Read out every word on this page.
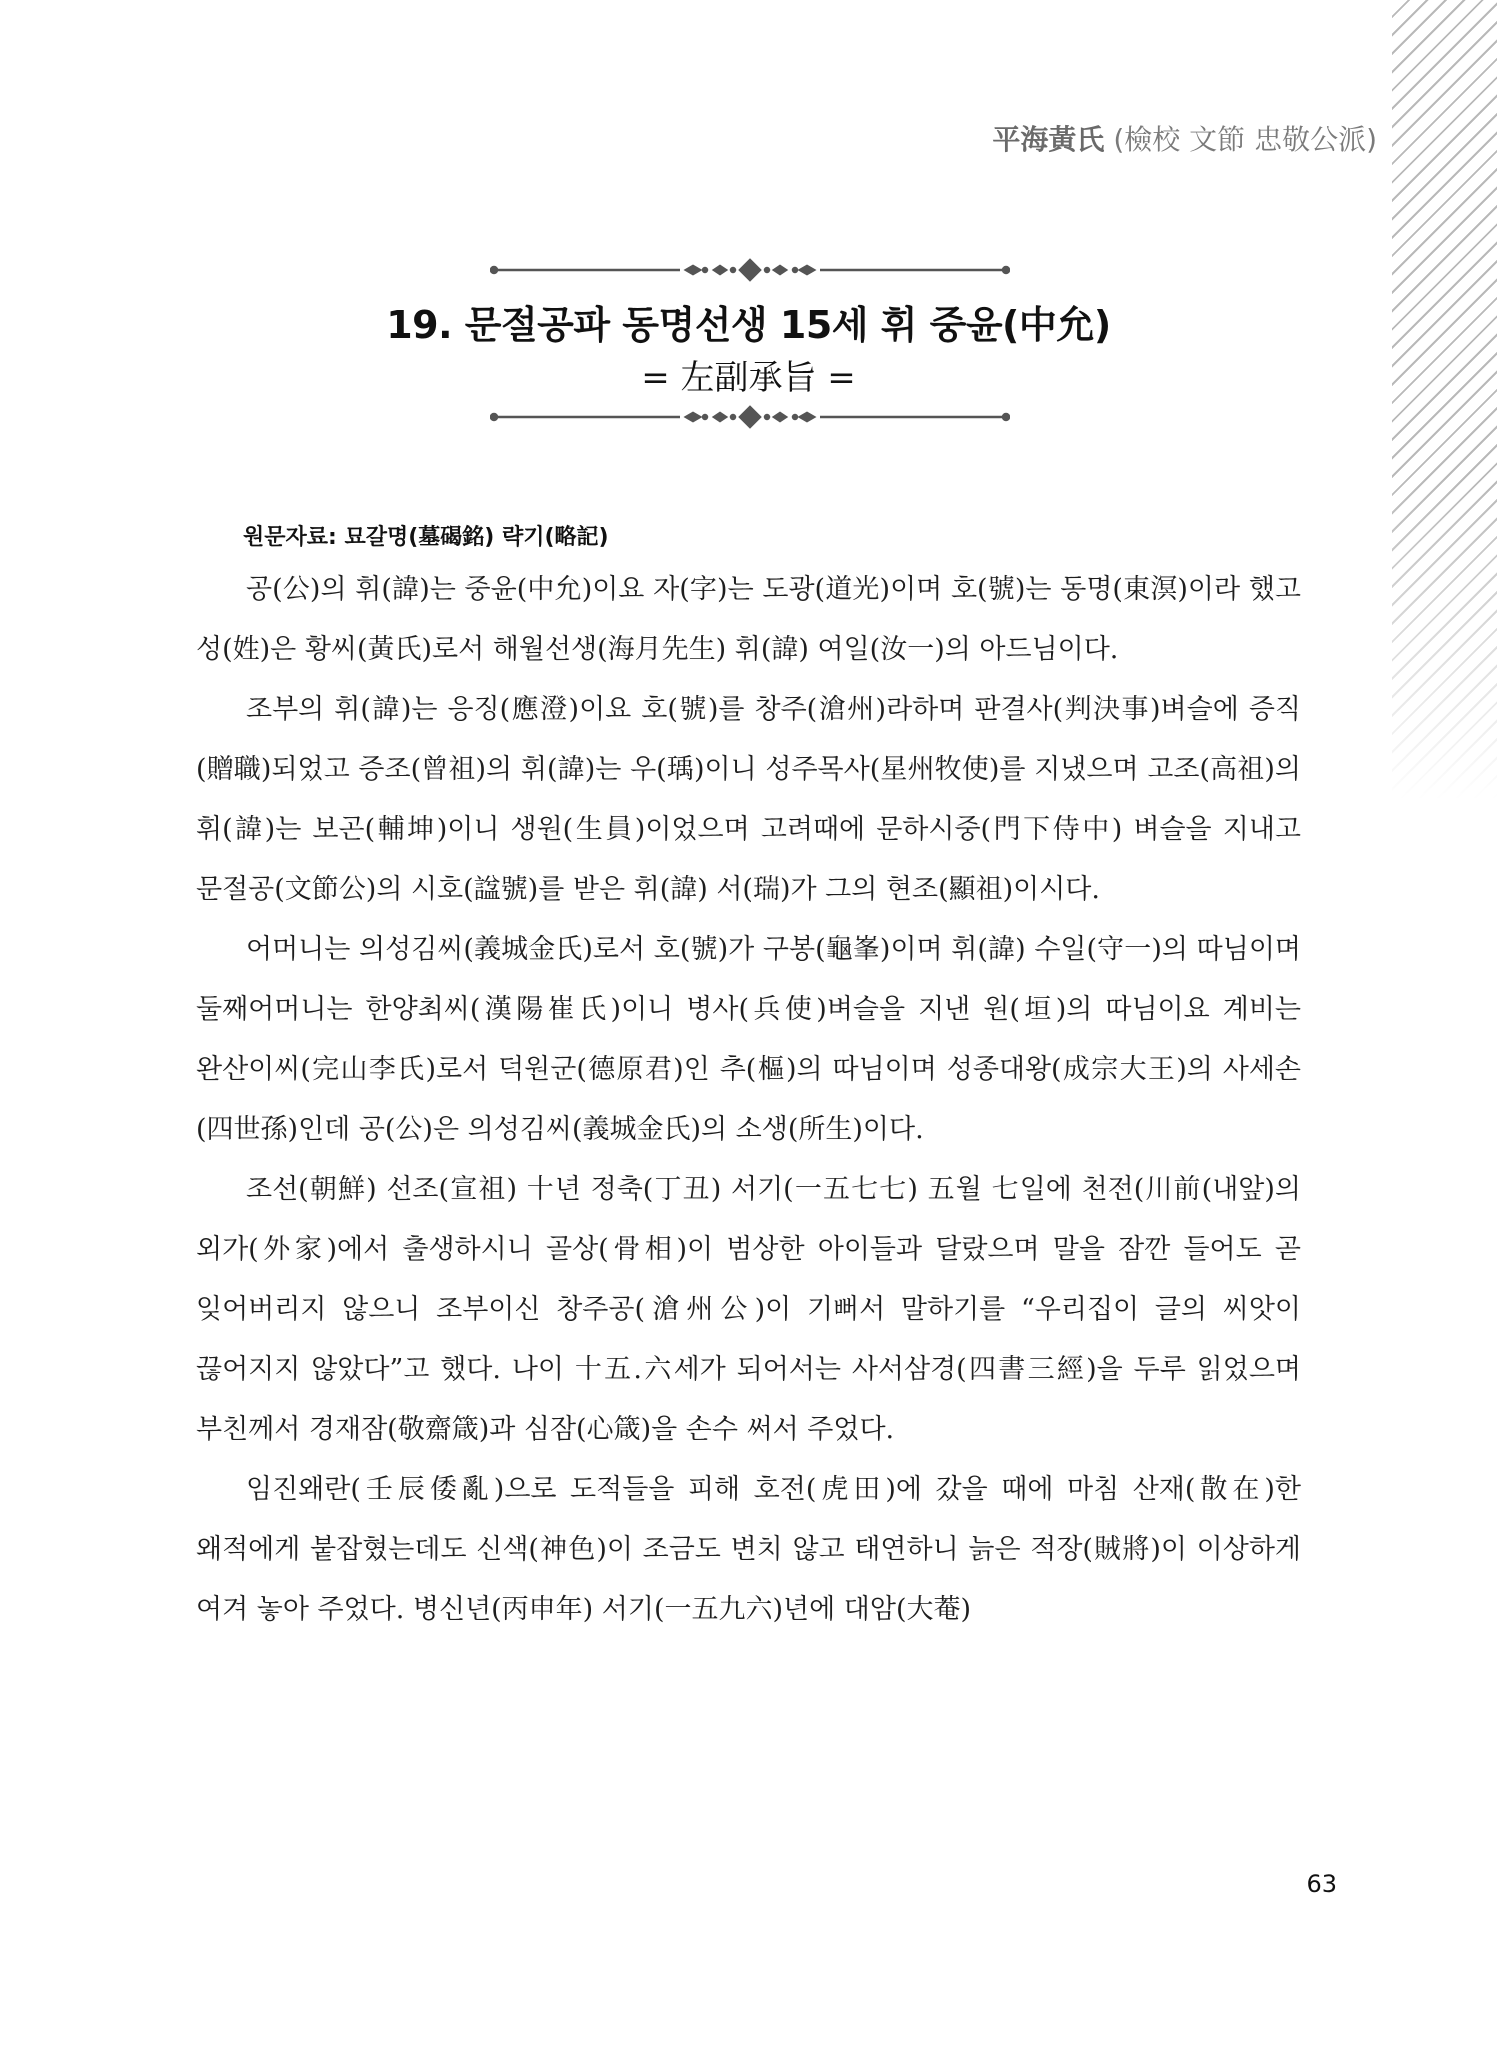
平海黃氏 (檢校 文節 忠敬公派)
19. 문절공파 동명선생 15세 휘 중윤(中允)
= 左副承旨 =
원문자료: 묘갈명(墓碣銘) 략기(略記)

공(公)의 휘(諱)는 중윤(中允)이요 자(字)는 도광(道光)이며 호(號)는 동명(東溟)이라 했고 성(姓)은 황씨(黃氏)로서 해월선생(海月先生) 휘(諱) 여일(汝一)의 아드님이다.

조부의 휘(諱)는 응징(應澄)이요 호(號)를 창주(滄州)라하며 판결사(判決事)벼슬에 증직(贈職)되었고 증조(曾祖)의 휘(諱)는 우(瑀)이니 성주목사(星州牧使)를 지냈으며 고조(高祖)의 휘(諱)는 보곤(輔坤)이니 생원(生員)이었으며 고려때에 문하시중(門下侍中) 벼슬을 지내고 문절공(文節公)의 시호(諡號)를 받은 휘(諱) 서(瑞)가 그의 현조(顯祖)이시다.

어머니는 의성김씨(義城金氏)로서 호(號)가 구봉(龜峯)이며 휘(諱) 수일(守一)의 따님이며 둘째어머니는 한양최씨(漢陽崔氏)이니 병사(兵使)벼슬을 지낸 원(垣)의 따님이요 계비는 완산이씨(完山李氏)로서 덕원군(德原君)인 추(樞)의 따님이며 성종대왕(成宗大王)의 사세손(四世孫)인데 공(公)은 의성김씨(義城金氏)의 소생(所生)이다.

조선(朝鮮) 선조(宣祖) 十년 정축(丁丑) 서기(一五七七) 五월 七일에 천전(川前(내앞)의 외가(外家)에서 출생하시니 골상(骨相)이 범상한 아이들과 달랐으며 말을 잠깐 들어도 곧 잊어버리지 않으니 조부이신 창주공(滄州公)이 기뻐서 말하기를 “우리집이 글의 씨앗이 끊어지지 않았다”고 했다. 나이 十五.六세가 되어서는 사서삼경(四書三經)을 두루 읽었으며 부친께서 경재잠(敬齋箴)과 심잠(心箴)을 손수 써서 주었다.

임진왜란(壬辰倭亂)으로 도적들을 피해 호전(虎田)에 갔을 때에 마침 산재(散在)한 왜적에게 붙잡혔는데도 신색(神色)이 조금도 변치 않고 태연하니 늙은 적장(賊將)이 이상하게 여겨 놓아 주었다. 병신년(丙申年) 서기(一五九六)년에 대암(大菴)

63
